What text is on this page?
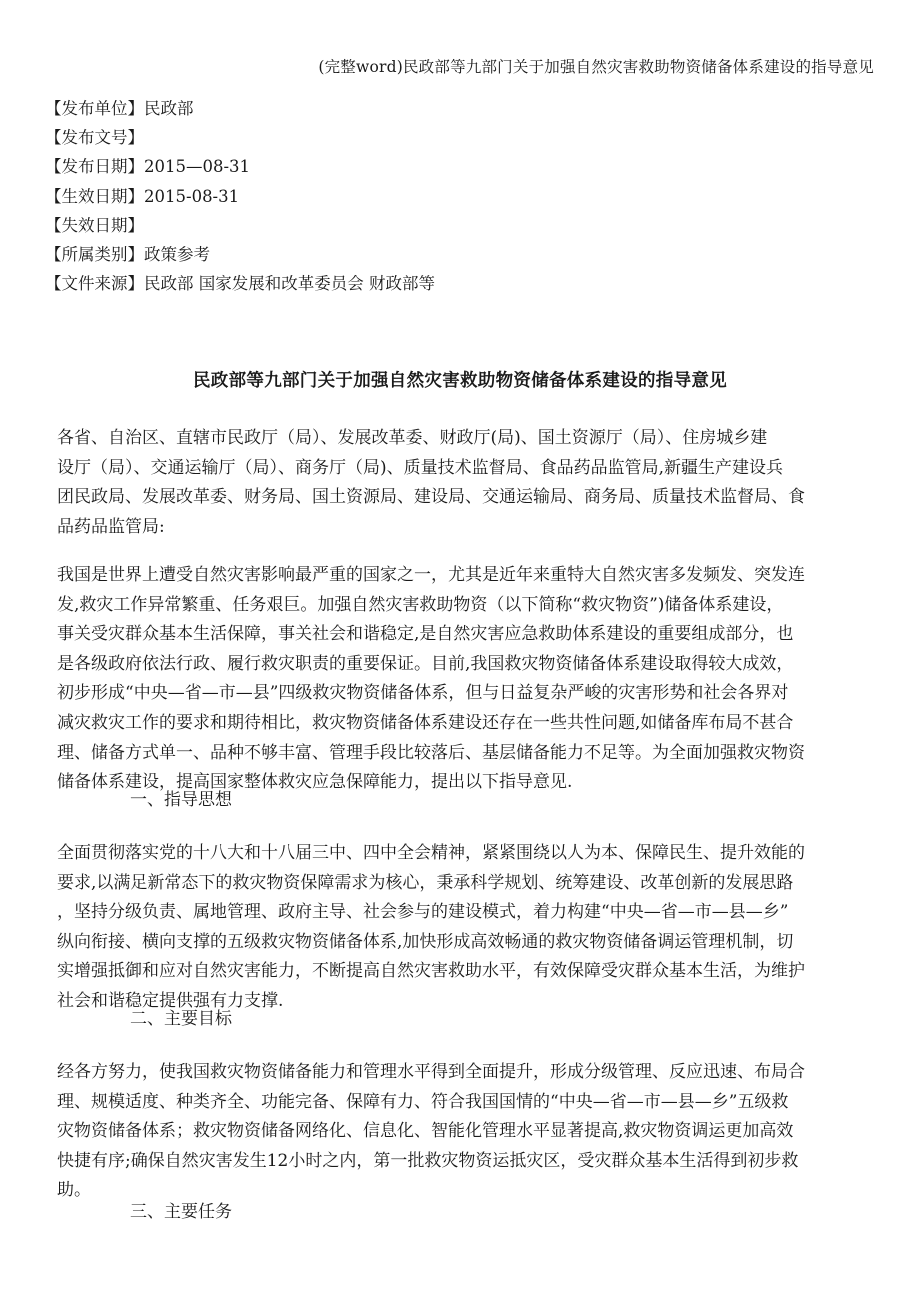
(完整word)民政部等九部门关于加强自然灾害救助物资储备体系建设的指导意见
【发布单位】民政部
【发布文号】
【发布日期】2015—08-31
【生效日期】2015-08-31
【失效日期】
【所属类别】政策参考
【文件来源】民政部 国家发展和改革委员会 财政部等
民政部等九部门关于加强自然灾害救助物资储备体系建设的指导意见
各省、自治区、直辖市民政厅（局）、发展改革委、财政厅(局)、国土资源厅（局）、住房城乡建
设厅（局）、交通运输厅（局）、商务厅（局)、质量技术监督局、食品药品监管局,新疆生产建设兵
团民政局、发展改革委、财务局、国土资源局、建设局、交通运输局、商务局、质量技术监督局、食
品药品监管局:
我国是世界上遭受自然灾害影响最严重的国家之一，尤其是近年来重特大自然灾害多发频发、突发连
发,救灾工作异常繁重、任务艰巨。加强自然灾害救助物资（以下简称“救灾物资”)储备体系建设，
事关受灾群众基本生活保障，事关社会和谐稳定,是自然灾害应急救助体系建设的重要组成部分，也
是各级政府依法行政、履行救灾职责的重要保证。目前,我国救灾物资储备体系建设取得较大成效，
初步形成“中央—省—市—县”四级救灾物资储备体系，但与日益复杂严峻的灾害形势和社会各界对
减灾救灾工作的要求和期待相比，救灾物资储备体系建设还存在一些共性问题,如储备库布局不甚合
理、储备方式单一、品种不够丰富、管理手段比较落后、基层储备能力不足等。为全面加强救灾物资
储备体系建设，提高国家整体救灾应急保障能力，提出以下指导意见.
一、指导思想
全面贯彻落实党的十八大和十八届三中、四中全会精神，紧紧围绕以人为本、保障民生、提升效能的
要求,以满足新常态下的救灾物资保障需求为核心，秉承科学规划、统筹建设、改革创新的发展思路
，坚持分级负责、属地管理、政府主导、社会参与的建设模式，着力构建“中央—省—市—县—乡”
纵向衔接、横向支撑的五级救灾物资储备体系,加快形成高效畅通的救灾物资储备调运管理机制，切
实增强抵御和应对自然灾害能力，不断提高自然灾害救助水平，有效保障受灾群众基本生活，为维护
社会和谐稳定提供强有力支撑.
二、主要目标
经各方努力，使我国救灾物资储备能力和管理水平得到全面提升，形成分级管理、反应迅速、布局合
理、规模适度、种类齐全、功能完备、保障有力、符合我国国情的“中央—省—市—县—乡”五级救
灾物资储备体系；救灾物资储备网络化、信息化、智能化管理水平显著提高,救灾物资调运更加高效
快捷有序;确保自然灾害发生12小时之内，第一批救灾物资运抵灾区，受灾群众基本生活得到初步救
助。
三、主要任务
